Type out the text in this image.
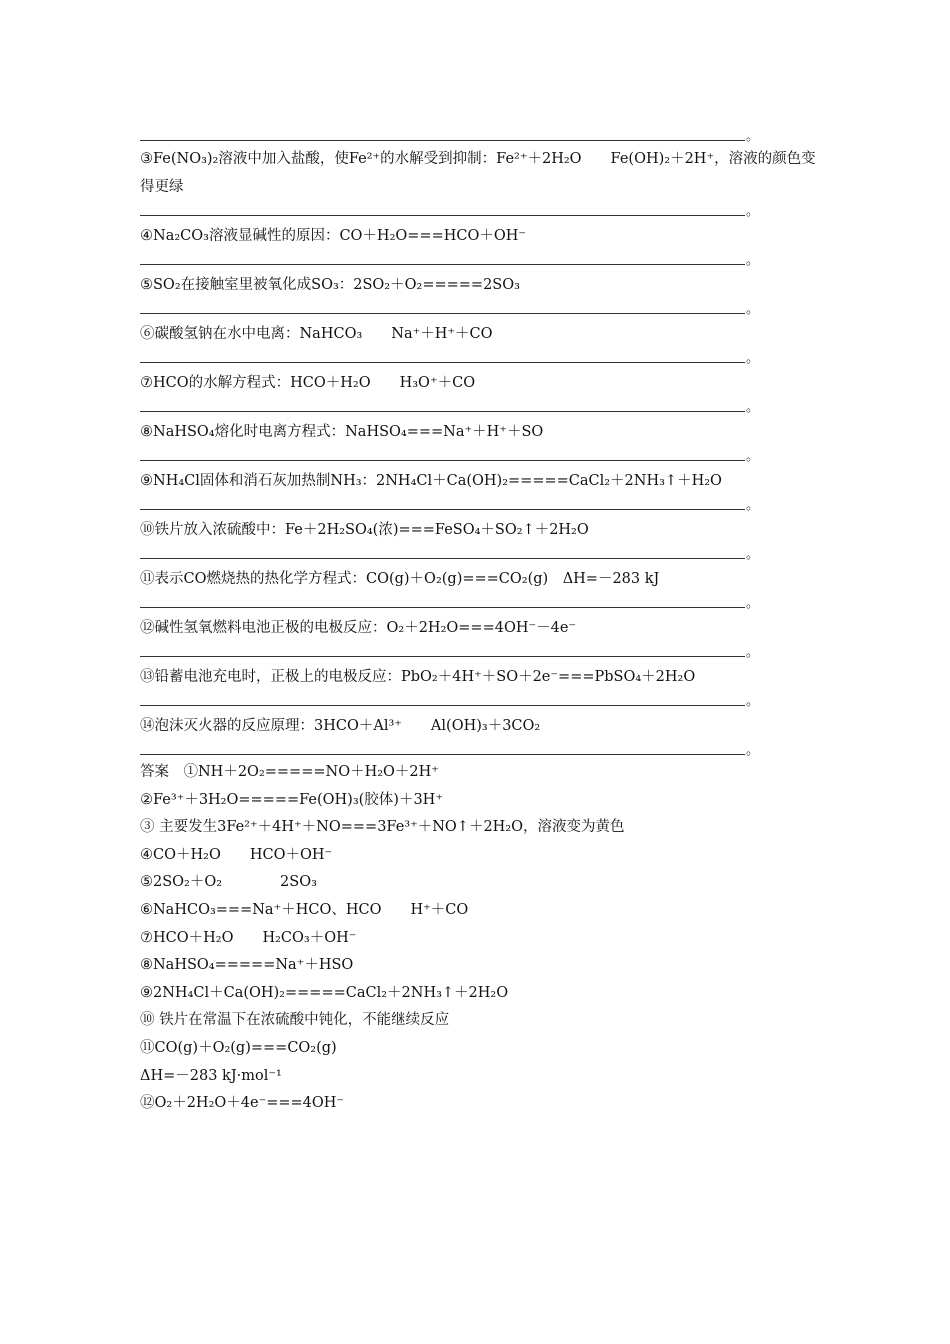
。
③Fe(NO₃)₂溶液中加入盐酸，使Fe²⁺的水解受到抑制：Fe²⁺＋2H₂O　　Fe(OH)₂＋2H⁺，溶液的颜色变得更绿
。
④Na₂CO₃溶液显碱性的原因：CO＋H₂O===HCO＋OH⁻
。
⑤SO₂在接触室里被氧化成SO₃：2SO₂＋O₂=====2SO₃
。
⑥碳酸氢钠在水中电离：NaHCO₃　　Na⁺＋H⁺＋CO
。
⑦HCO的水解方程式：HCO＋H₂O　　H₃O⁺＋CO
。
⑧NaHSO₄熔化时电离方程式：NaHSO₄===Na⁺＋H⁺＋SO
。
⑨NH₄Cl固体和消石灰加热制NH₃：2NH₄Cl＋Ca(OH)₂=====CaCl₂＋2NH₃↑＋H₂O
。
⑩铁片放入浓硫酸中：Fe＋2H₂SO₄(浓)===FeSO₄＋SO₂↑＋2H₂O
。
⑪表示CO燃烧热的热化学方程式：CO(g)＋O₂(g)===CO₂(g)　ΔH=－283 kJ
。
⑫碱性氢氧燃料电池正极的电极反应：O₂＋2H₂O===4OH⁻－4e⁻
。
⑬铅蓄电池充电时，正极上的电极反应：PbO₂＋4H⁺＋SO＋2e⁻===PbSO₄＋2H₂O
。
⑭泡沫灭火器的反应原理：3HCO＋Al³⁺　　Al(OH)₃＋3CO₂
。
答案　 ①NH＋2O₂=====NO＋H₂O＋2H⁺
②Fe³⁺＋3H₂O=====Fe(OH)₃(胶体)＋3H⁺
③ 主要发生3Fe²⁺＋4H⁺＋NO===3Fe³⁺＋NO↑＋2H₂O，溶液变为黄色
④CO＋H₂O　　HCO＋OH⁻
⑤2SO₂＋O₂　　　　2SO₃
⑥NaHCO₃===Na⁺＋HCO、HCO　　H⁺＋CO
⑦HCO＋H₂O　　H₂CO₃＋OH⁻
⑧NaHSO₄=====Na⁺＋HSO
⑨2NH₄Cl＋Ca(OH)₂=====CaCl₂＋2NH₃↑＋2H₂O
⑩ 铁片在常温下在浓硫酸中钝化，不能继续反应
⑪CO(g)＋O₂(g)===CO₂(g)
ΔH=－283 kJ·mol⁻¹
⑫O₂＋2H₂O＋4e⁻===4OH⁻
